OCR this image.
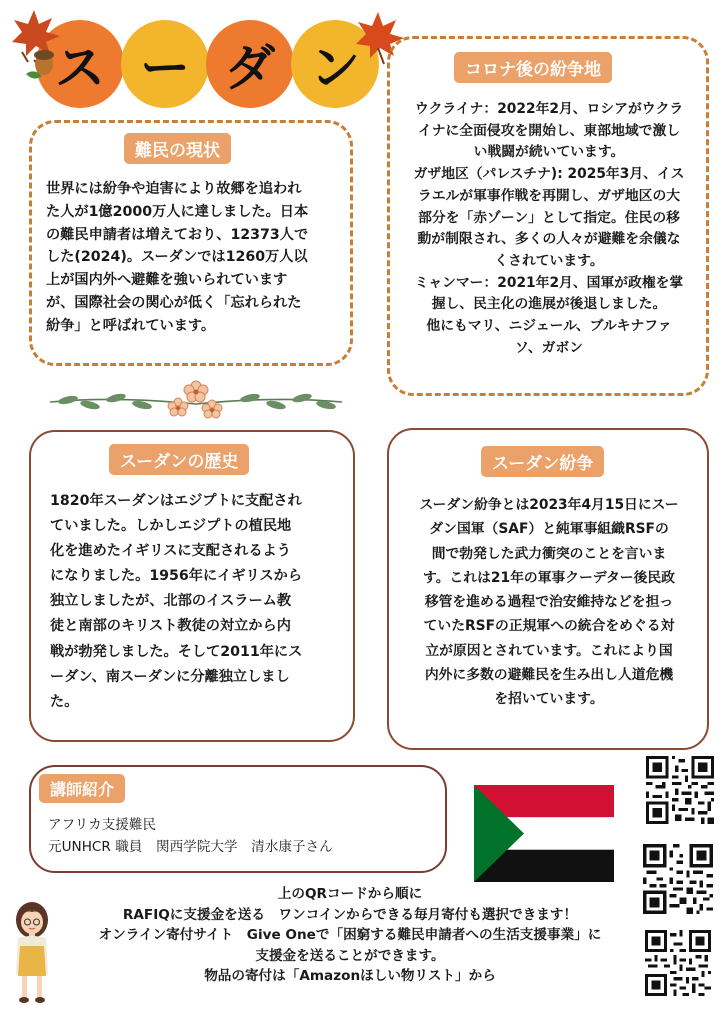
ス ー ダ ン
難民の現状
世界には紛争や迫害により故郷を追われ
た人が1億2000万人に達しました。日本
の難民申請者は増えており、12373人で
した(2024)。スーダンでは1260万人以
上が国内外へ避難を強いられています
が、国際社会の関心が低く「忘れられた
紛争」と呼ばれています。
コロナ後の紛争地
ウクライナ：2022年2月、ロシアがウクラ
イナに全面侵攻を開始し、東部地域で激し
い戦闘が続いています。
ガザ地区（パレスチナ): 2025年3月、イス
ラエルが軍事作戦を再開し、ガザ地区の大
部分を「赤ゾーン」として指定。住民の移
動が制限され、多くの人々が避難を余儀な
くされています。
ミャンマー：2021年2月、国軍が政権を掌
握し、民主化の進展が後退しました。
他にもマリ、ニジェール、ブルキナファ
ソ、ガボン
スーダンの歴史
1820年スーダンはエジプトに支配され
ていました。しかしエジプトの植民地
化を進めたイギリスに支配されるよう
になりました。1956年にイギリスから
独立しましたが、北部のイスラーム教
徒と南部のキリスト教徒の対立から内
戦が勃発しました。そして2011年にス
ーダン、南スーダンに分離独立しまし
た。
スーダン紛争
スーダン紛争とは2023年4月15日にスー
ダン国軍（SAF）と純軍事組織RSFの
間で勃発した武力衝突のことを言いま
す。これは21年の軍事クーデター後民政
移管を進める過程で治安維持などを担っ
ていたRSFの正規軍への統合をめぐる対
立が原因とされています。これにより国
内外に多数の避難民を生み出し人道危機
を招いています。
講師紹介
アフリカ支援難民
元UNHCR 職員　関西学院大学　清水康子さん
上のQRコードから順に
RAFIQに支援金を送る　ワンコインからできる毎月寄付も選択できます！
オンライン寄付サイト　Give Oneで「困窮する難民申請者への生活支援事業」に
支援金を送ることができます。
物品の寄付は「Amazonほしい物リスト」から
